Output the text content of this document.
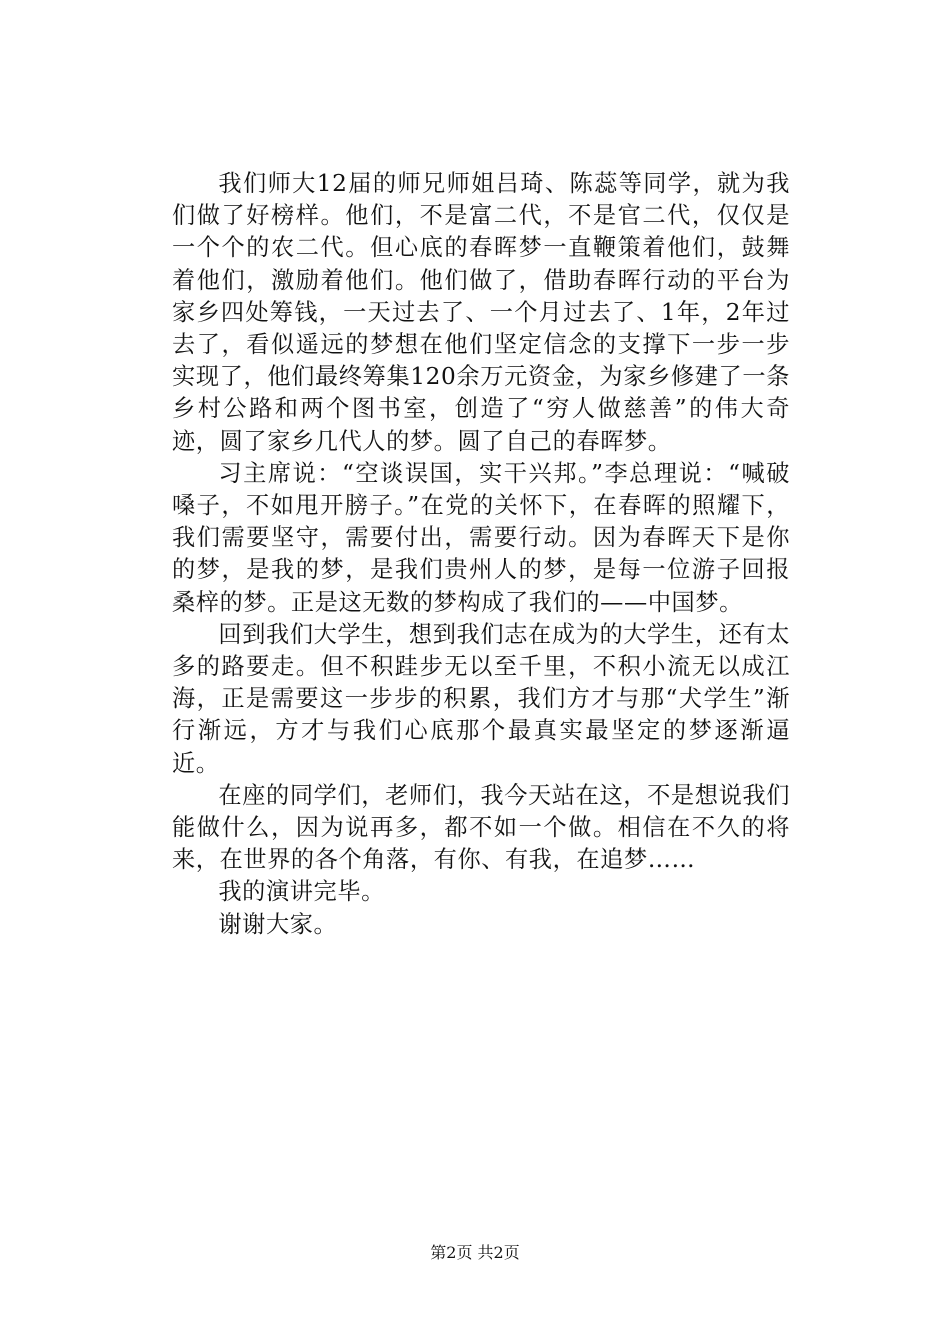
我们师大12届的师兄师姐吕琦、陈蕊等同学，就为我们做了好榜样。他们，不是富二代，不是官二代，仅仅是一个个的农二代。但心底的春晖梦一直鞭策着他们，鼓舞着他们，激励着他们。他们做了，借助春晖行动的平台为家乡四处筹钱，一天过去了、一个月过去了、1年，2年过去了，看似遥远的梦想在他们坚定信念的支撑下一步一步实现了，他们最终筹集120余万元资金，为家乡修建了一条乡村公路和两个图书室，创造了“穷人做慈善”的伟大奇迹，圆了家乡几代人的梦。圆了自己的春晖梦。

习主席说：“空谈误国，实干兴邦。”李总理说：“喊破嗓子，不如甩开膀子。”在党的关怀下，在春晖的照耀下，我们需要坚守，需要付出，需要行动。因为春晖天下是你的梦，是我的梦，是我们贵州人的梦，是每一位游子回报桑梓的梦。正是这无数的梦构成了我们的——中国梦。

回到我们大学生，想到我们志在成为的大学生，还有太多的路要走。但不积跬步无以至千里，不积小流无以成江海，正是需要这一步步的积累，我们方才与那“犬学生”渐行渐远，方才与我们心底那个最真实最坚定的梦逐渐逼近。

在座的同学们，老师们，我今天站在这，不是想说我们能做什么，因为说再多，都不如一个做。相信在不久的将来，在世界的各个角落，有你、有我，在追梦……

我的演讲完毕。

谢谢大家。

第2页 共2页
